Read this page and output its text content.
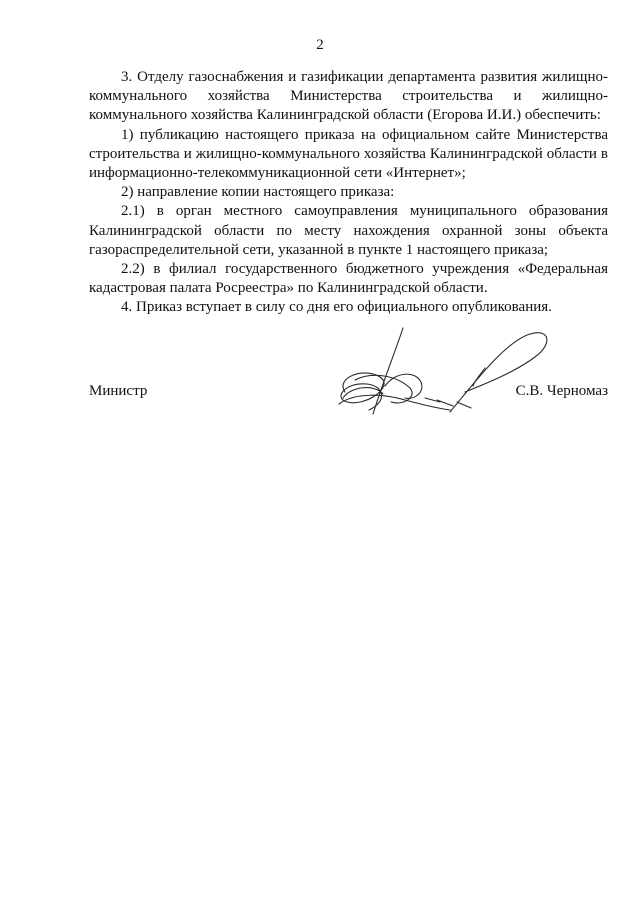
2

3. Отделу газоснабжения и газификации департамента развития жилищно-коммунального хозяйства Министерства строительства и жилищно-коммунального хозяйства Калининградской области (Егорова И.И.) обеспечить:

1) публикацию настоящего приказа на официальном сайте Министерства строительства и жилищно-коммунального хозяйства Калининградской области в информационно-телекоммуникационной сети «Интернет»;

2) направление копии настоящего приказа:

2.1) в орган местного самоуправления муниципального образования Калининградской области по месту нахождения охранной зоны объекта газораспределительной сети, указанной в пункте 1 настоящего приказа;

2.2) в филиал государственного бюджетного учреждения «Федеральная кадастровая палата Росреестра» по Калининградской области.

4. Приказ вступает в силу со дня его официального опубликования.

Министр	С.В. Черномаз
